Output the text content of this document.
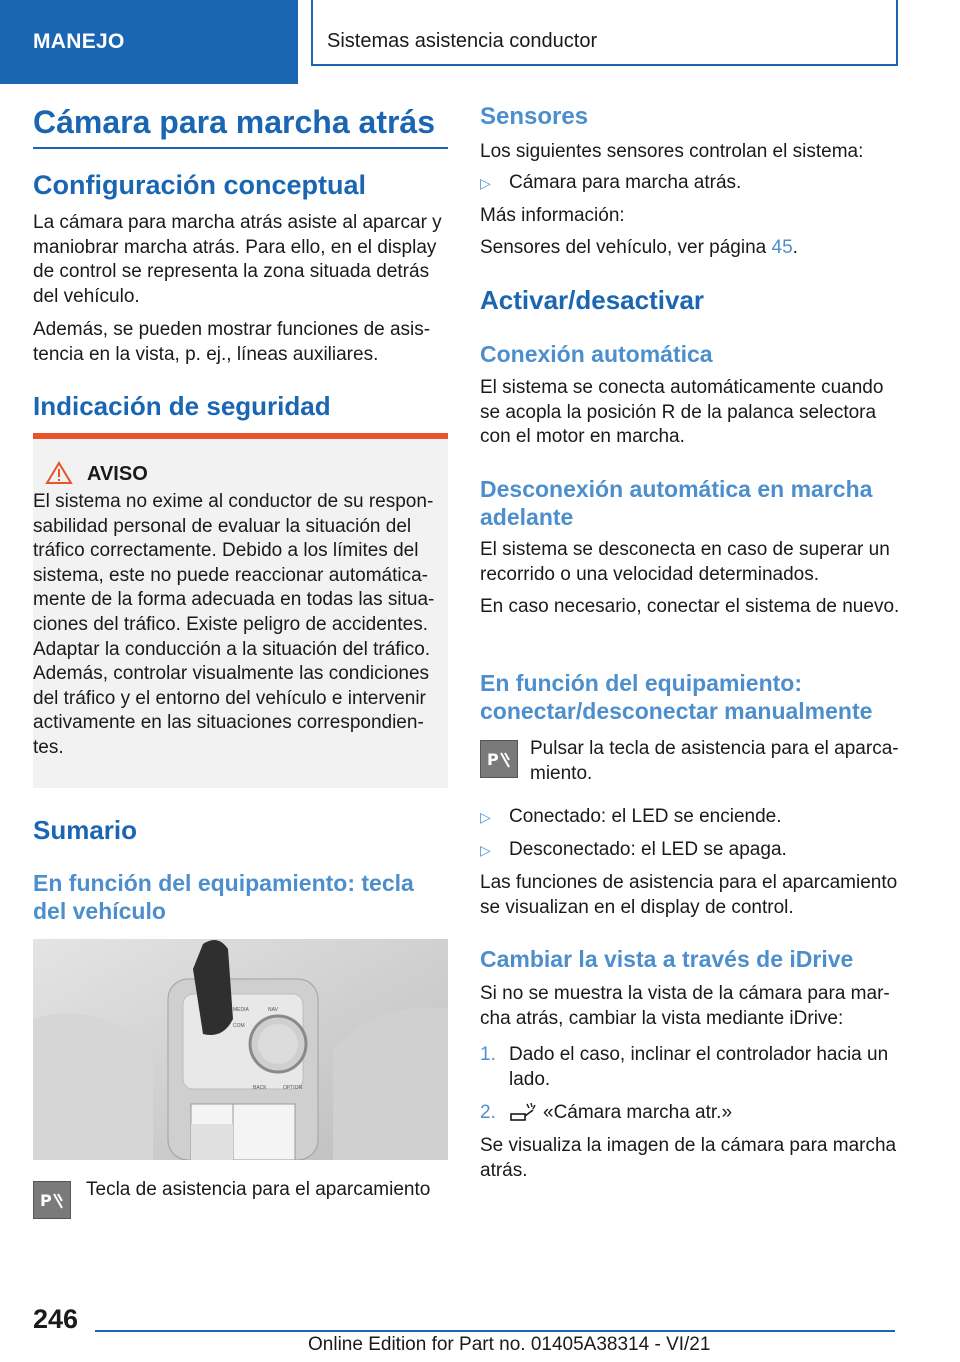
MANEJO	Sistemas asistencia conductor
Cámara para marcha atrás
Configuración conceptual
La cámara para marcha atrás asiste al aparcar y maniobrar marcha atrás. Para ello, en el display de control se representa la zona situada detrás del vehículo.
Además, se pueden mostrar funciones de asistencia en la vista, p. ej., líneas auxiliares.
Indicación de seguridad
AVISO
El sistema no exime al conductor de su responsabilidad personal de evaluar la situación del tráfico correctamente. Debido a los límites del sistema, este no puede reaccionar automáticamente de la forma adecuada en todas las situaciones del tráfico. Existe peligro de accidentes. Adaptar la conducción a la situación del tráfico. Además, controlar visualmente las condiciones del tráfico y el entorno del vehículo e intervenir activamente en las situaciones correspondientes.
Sumario
En función del equipamiento: tecla del vehículo
MEDIA
COM
NAV
BACK	OPTION
P
Tecla de asistencia para el aparcamiento
Sensores
Los siguientes sensores controlan el sistema:
▷ Cámara para marcha atrás.
Más información:
Sensores del vehículo, ver página 45.
Activar/desactivar
Conexión automática
El sistema se conecta automáticamente cuando se acopla la posición R de la palanca selectora con el motor en marcha.
Desconexión automática en marcha adelante
El sistema se desconecta en caso de superar un recorrido o una velocidad determinados.
En caso necesario, conectar el sistema de nuevo.
En función del equipamiento: conectar/desconectar manualmente
P
Pulsar la tecla de asistencia para el aparcamiento.
▷ Conectado: el LED se enciende.
▷ Desconectado: el LED se apaga.
Las funciones de asistencia para el aparcamiento se visualizan en el display de control.
Cambiar la vista a través de iDrive
Si no se muestra la vista de la cámara para marcha atrás, cambiar la vista mediante iDrive:
1. Dado el caso, inclinar el controlador hacia un lado.
2. «Cámara marcha atr.»
Se visualiza la imagen de la cámara para marcha atrás.
246
Online Edition for Part no. 01405A38314 - VI/21
